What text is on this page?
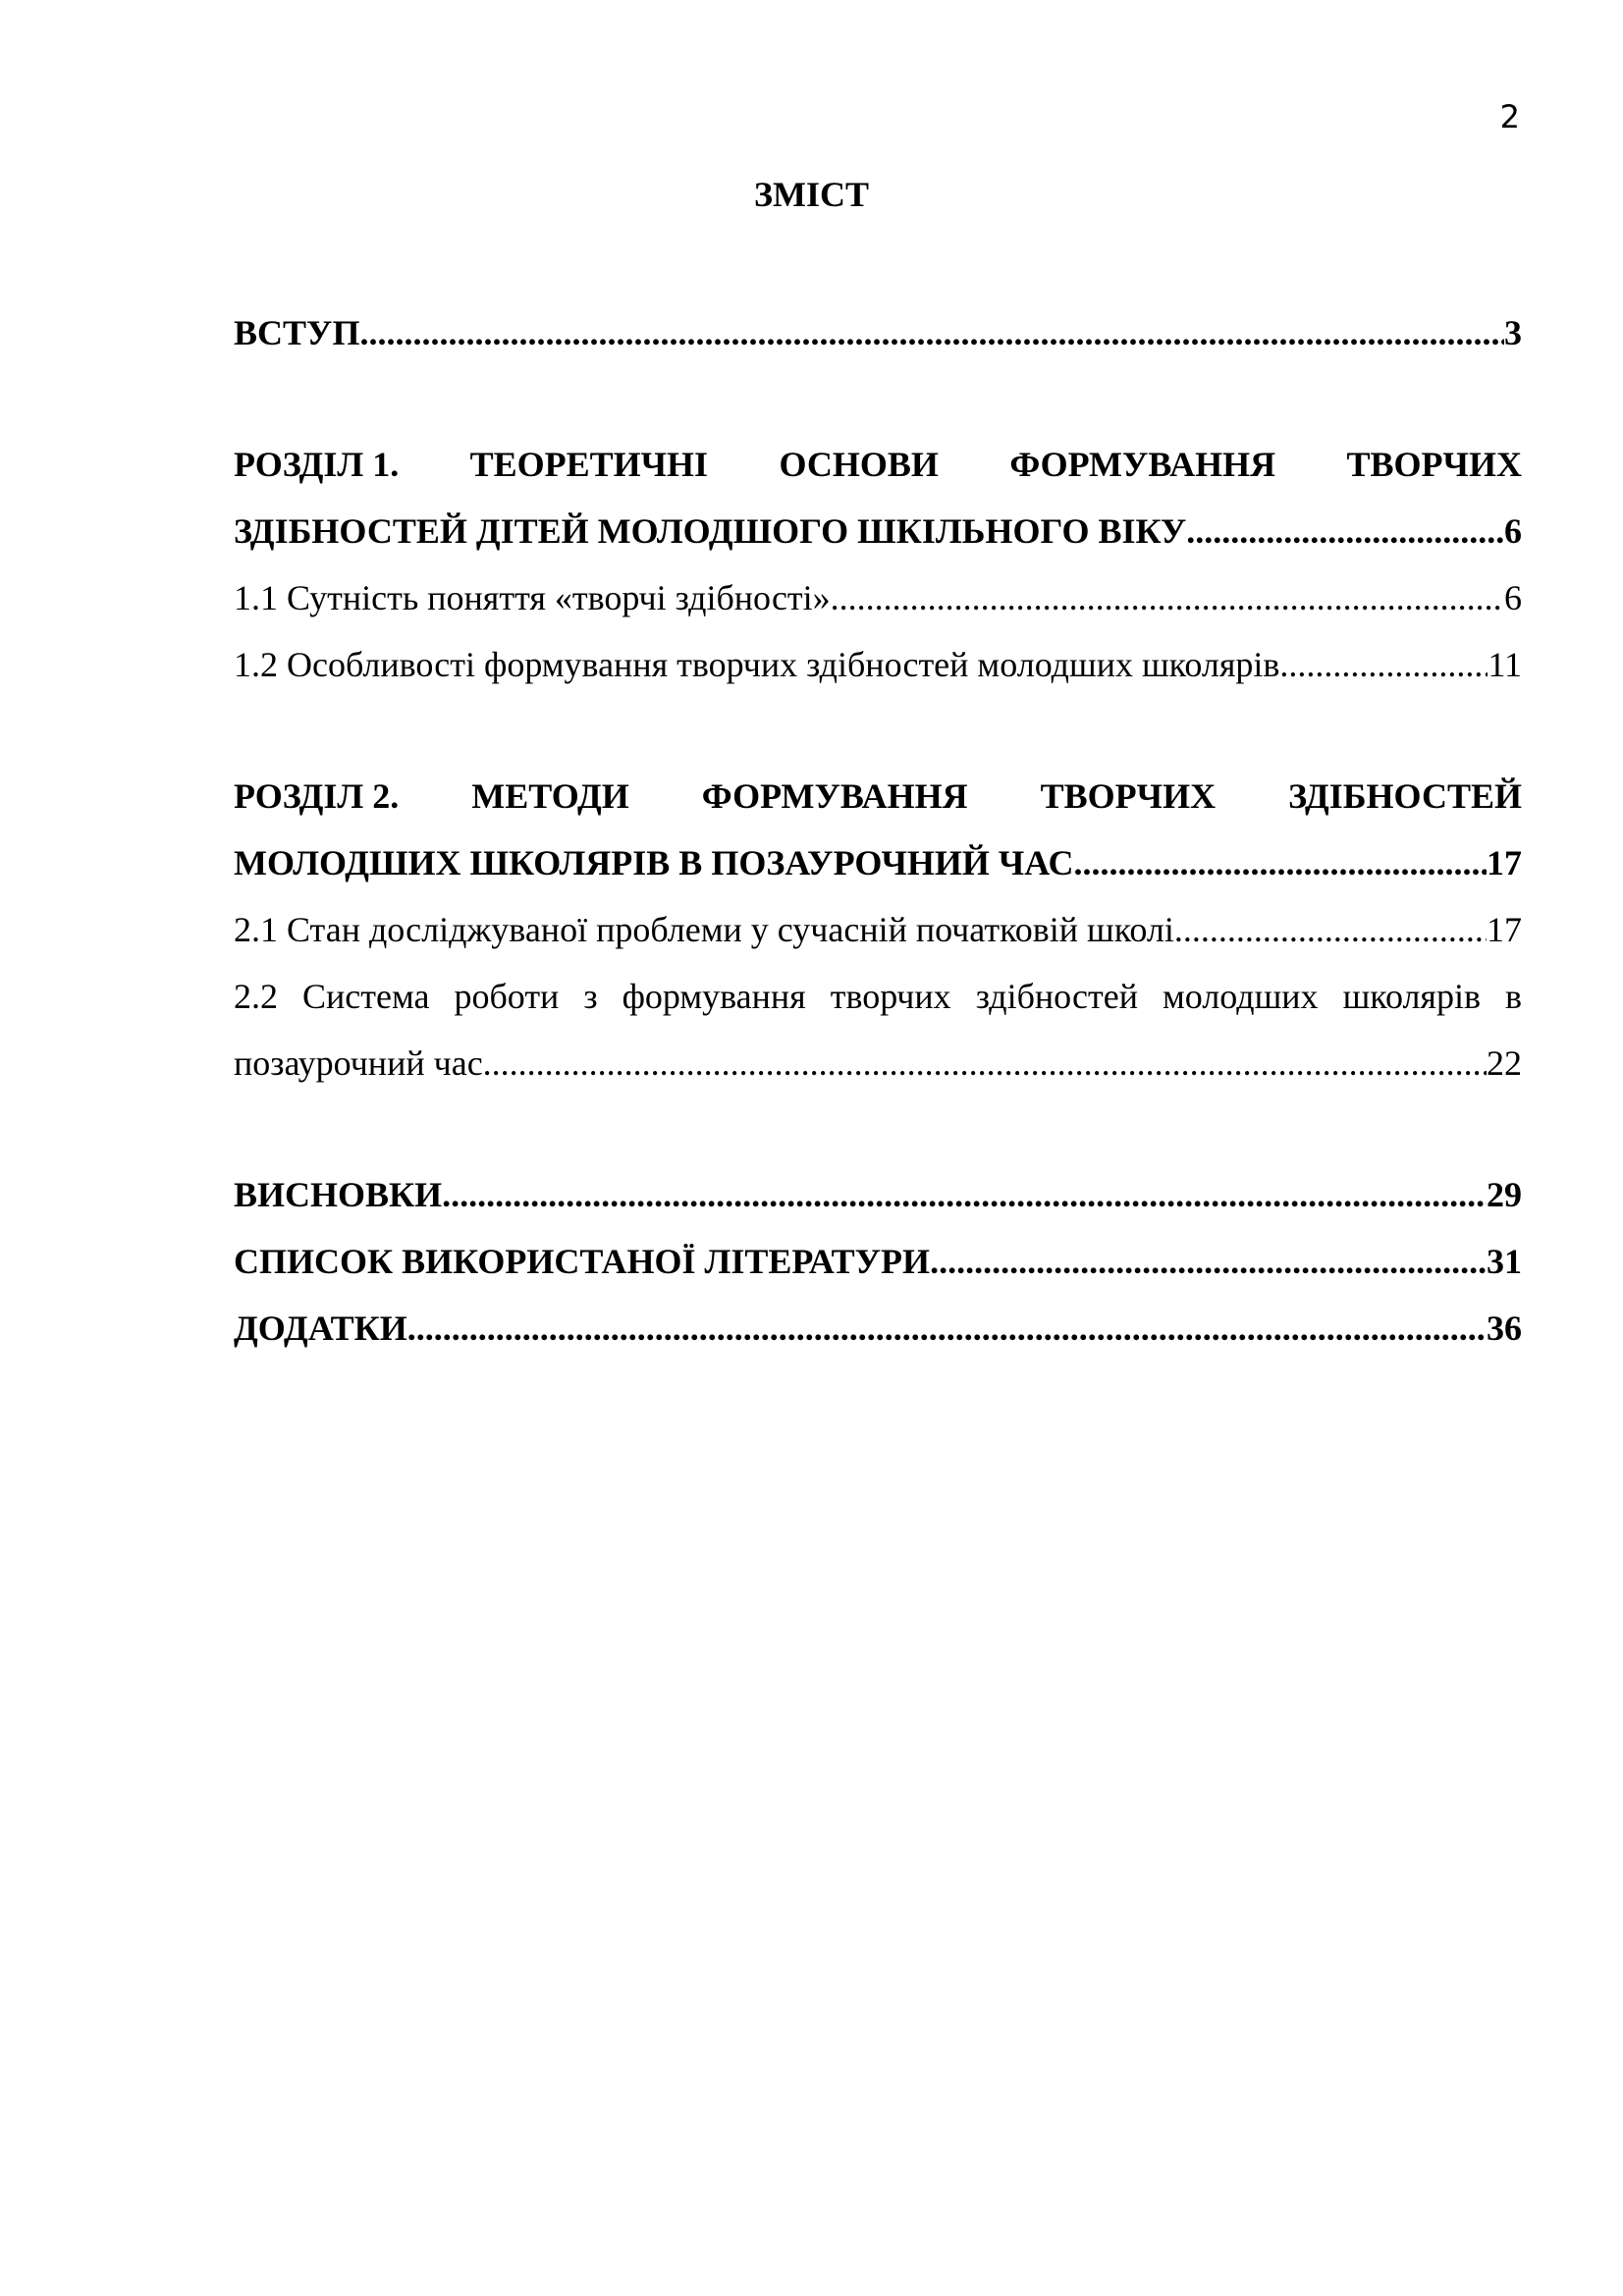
2
ЗМІСТ
ВСТУП .....	3
РОЗДІЛ 1. ТЕОРЕТИЧНІ ОСНОВИ ФОРМУВАННЯ ТВОРЧИХ
ЗДІБНОСТЕЙ ДІТЕЙ МОЛОДШОГО ШКІЛЬНОГО ВІКУ .....	6
1.1 Сутність поняття «творчі здібності» .....	6
1.2 Особливості формування творчих здібностей молодших школярів .....	11
РОЗДІЛ 2. МЕТОДИ ФОРМУВАННЯ ТВОРЧИХ ЗДІБНОСТЕЙ
МОЛОДШИХ ШКОЛЯРІВ В ПОЗАУРОЧНИЙ ЧАС .....	17
2.1 Стан досліджуваної проблеми у сучасній початковій школі .....	17
2.2 Система роботи з формування творчих здібностей молодших школярів в
позаурочний час .....	22
ВИСНОВКИ .....	29
СПИСОК ВИКОРИСТАНОЇ ЛІТЕРАТУРИ .....	31
ДОДАТКИ .....	36
